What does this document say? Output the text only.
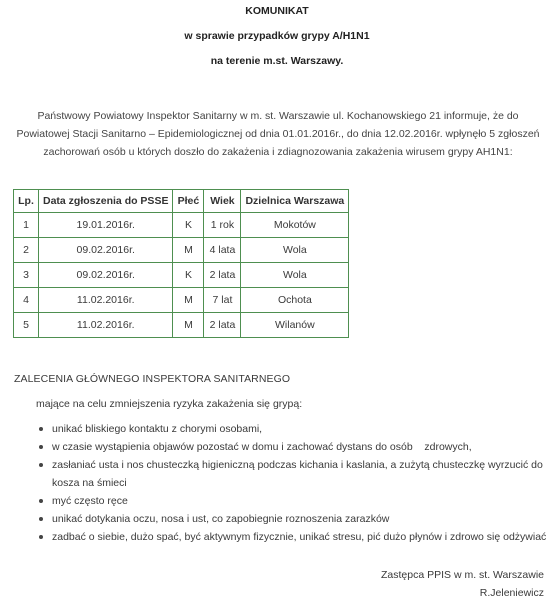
KOMUNIKAT
w sprawie przypadków grypy A/H1N1
na terenie m.st. Warszawy.

Państwowy Powiatowy Inspektor Sanitarny w m. st. Warszawie ul. Kochanowskiego 21 informuje, że do Powiatowej Stacji Sanitarno – Epidemiologicznej od dnia 01.01.2016r., do dnia 12.02.2016r. wpłynęło 5 zgłoszeń zachorowań osób u których doszło do zakażenia i zdiagnozowania zakażenia wirusem grypy AH1N1:

Lp.	Data zgłoszenia do PSSE	Płeć	Wiek	Dzielnica Warszawa
1	19.01.2016r.	K	1 rok	Mokotów
2	09.02.2016r.	M	4 lata	Wola
3	09.02.2016r.	K	2 lata	Wola
4	11.02.2016r.	M	7 lat	Ochota
5	11.02.2016r.	M	2 lata	Wilanów
ZALECENIA GŁÓWNEGO INSPEKTORA SANITARNEGO
mające na celu zmniejszenia ryzyka zakażenia się grypą:
unikać bliskiego kontaktu z chorymi osobami,
w czasie wystąpienia objawów pozostać w domu i zachować dystans do osób    zdrowych,
zasłaniać usta i nos chusteczką higieniczną podczas kichania i kaslania, a zużytą chusteczkę wyrzucić do kosza na śmieci
myć często ręce
unikać dotykania oczu, nosa i ust, co zapobiegnie roznoszenia zarazków
zadbać o siebie, dużo spać, być aktywnym fizycznie, unikać stresu, pić dużo płynów i zdrowo się odżywiać
Zastępca PPIS w m. st. Warszawie
R.Jeleniewicz
